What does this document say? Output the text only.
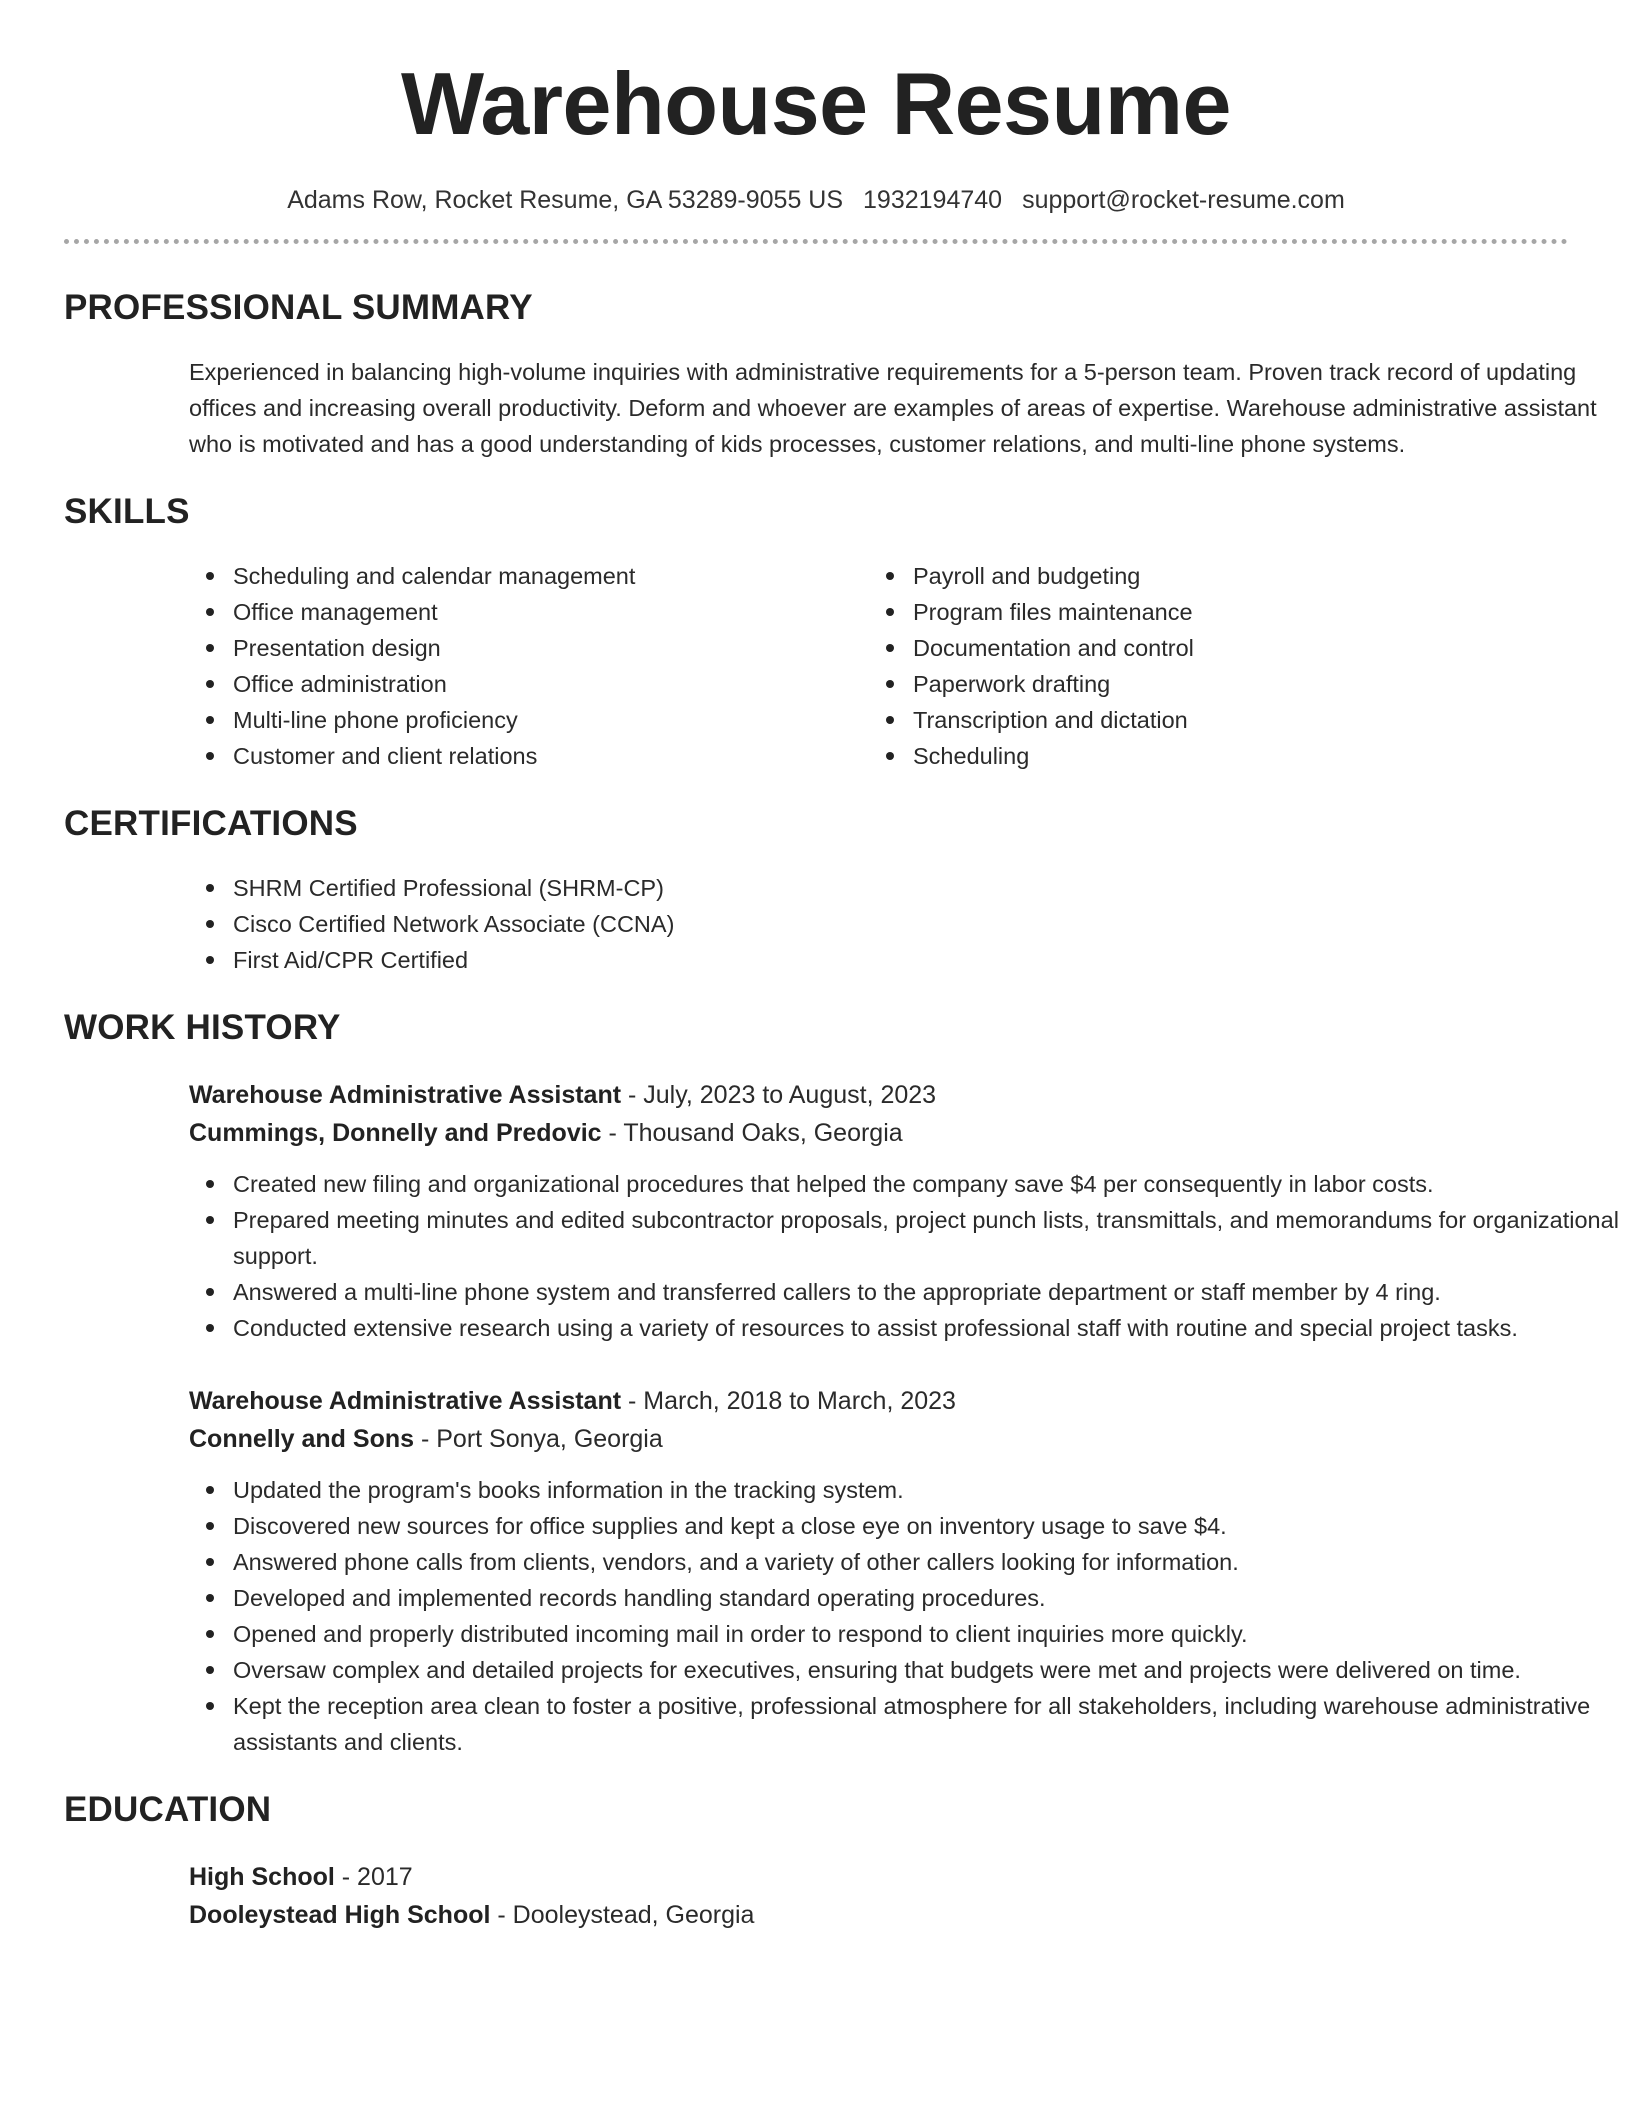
Warehouse Resume
Adams Row, Rocket Resume, GA 53289-9055 US 1932194740 support@rocket-resume.com
PROFESSIONAL SUMMARY

Experienced in balancing high-volume inquiries with administrative requirements for a 5-person team. Proven track record of updating offices and increasing overall productivity. Deform and whoever are examples of areas of expertise. Warehouse administrative assistant who is motivated and has a good understanding of kids processes, customer relations, and multi-line phone systems.

SKILLS
Scheduling and calendar management
Office management
Presentation design
Office administration
Multi-line phone proficiency
Customer and client relations
Payroll and budgeting
Program files maintenance
Documentation and control
Paperwork drafting
Transcription and dictation
Scheduling
CERTIFICATIONS
SHRM Certified Professional (SHRM-CP)
Cisco Certified Network Associate (CCNA)
First Aid/CPR Certified
WORK HISTORY
Warehouse Administrative Assistant - July, 2023 to August, 2023
Cummings, Donnelly and Predovic - Thousand Oaks, Georgia
Created new filing and organizational procedures that helped the company save $4 per consequently in labor costs.
Prepared meeting minutes and edited subcontractor proposals, project punch lists, transmittals, and memorandums for organizational support.
Answered a multi-line phone system and transferred callers to the appropriate department or staff member by 4 ring.
Conducted extensive research using a variety of resources to assist professional staff with routine and special project tasks.
Warehouse Administrative Assistant - March, 2018 to March, 2023
Connelly and Sons - Port Sonya, Georgia
Updated the program's books information in the tracking system.
Discovered new sources for office supplies and kept a close eye on inventory usage to save $4.
Answered phone calls from clients, vendors, and a variety of other callers looking for information.
Developed and implemented records handling standard operating procedures.
Opened and properly distributed incoming mail in order to respond to client inquiries more quickly.
Oversaw complex and detailed projects for executives, ensuring that budgets were met and projects were delivered on time.
Kept the reception area clean to foster a positive, professional atmosphere for all stakeholders, including warehouse administrative assistants and clients.
EDUCATION
High School - 2017
Dooleystead High School - Dooleystead, Georgia
